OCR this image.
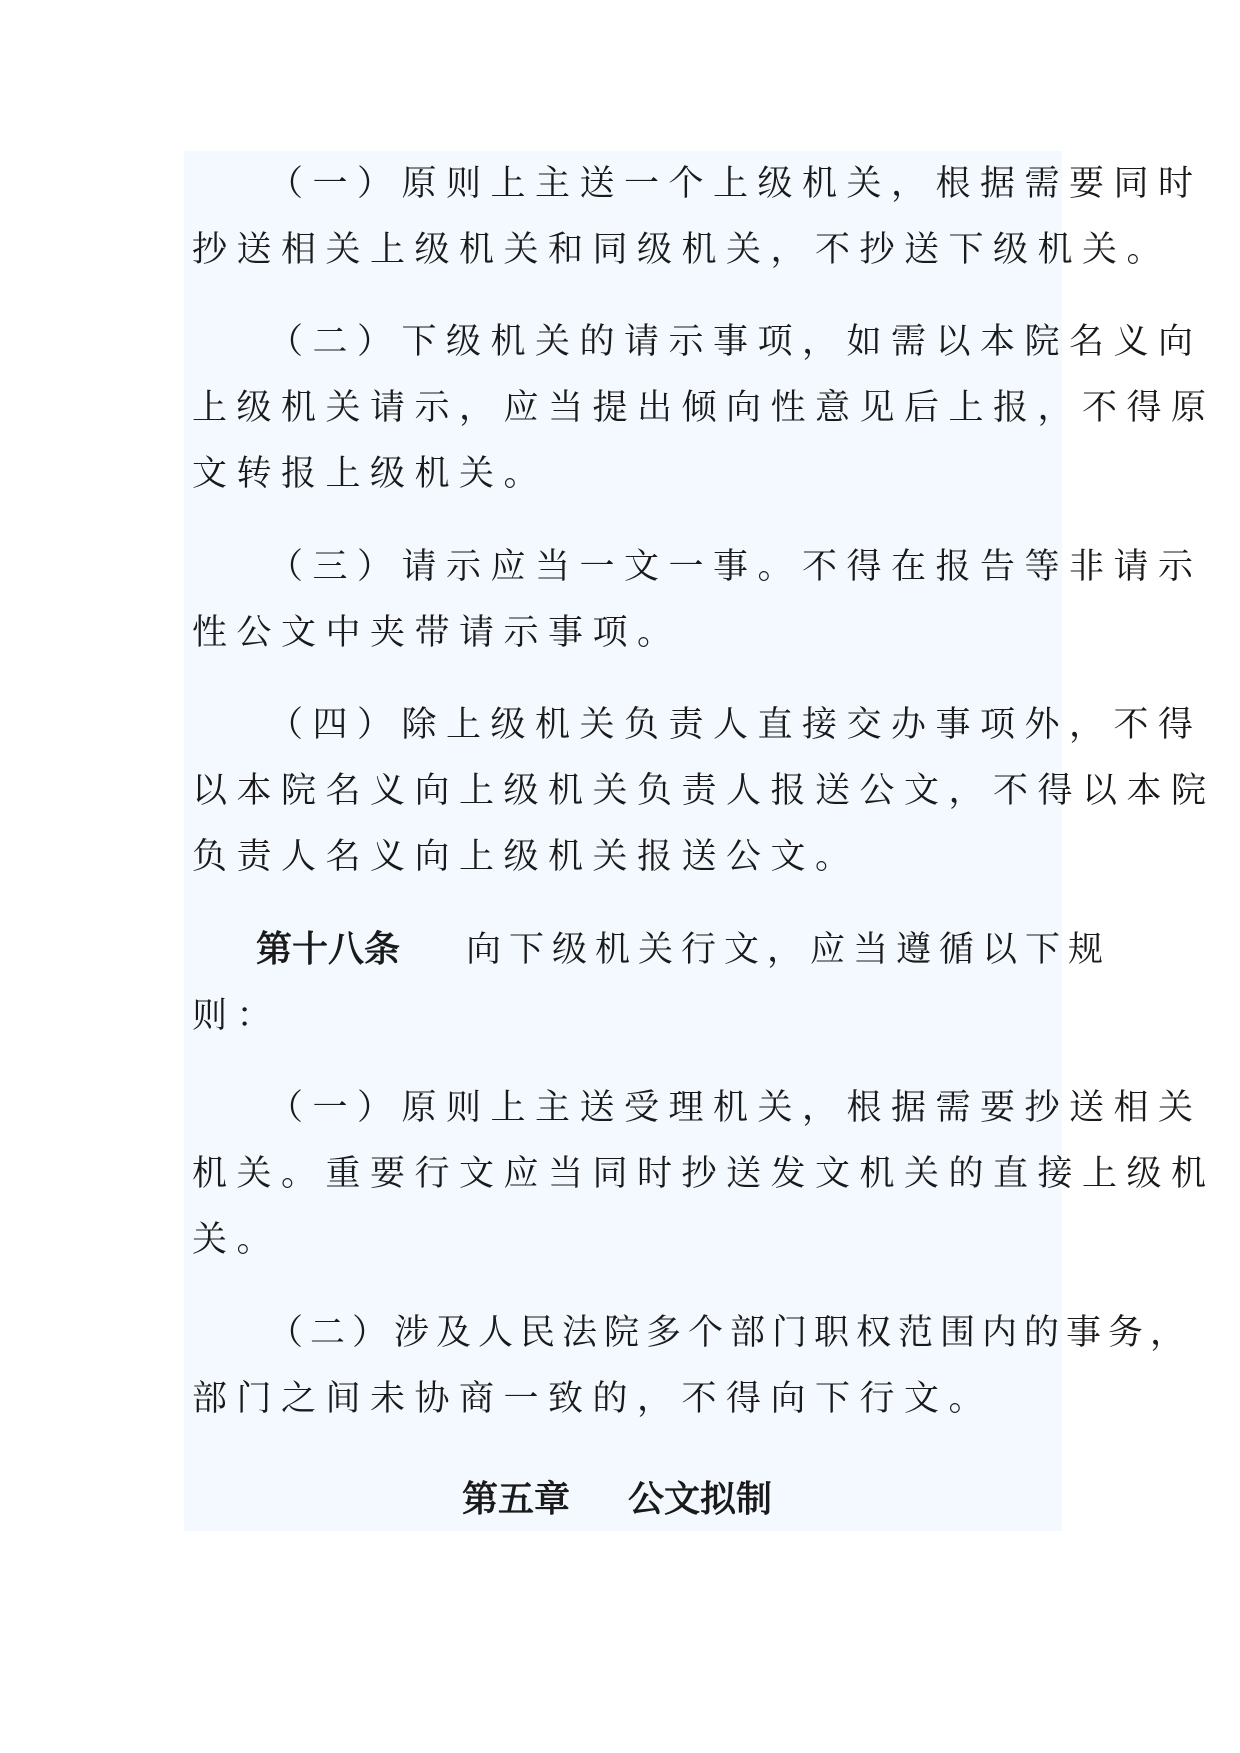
（一）原则上主送一个上级机关，根据需要同时
抄送相关上级机关和同级机关，不抄送下级机关。
（二）下级机关的请示事项，如需以本院名义向
上级机关请示，应当提出倾向性意见后上报，不得原
文转报上级机关。
（三）请示应当一文一事。不得在报告等非请示
性公文中夹带请示事项。
（四）除上级机关负责人直接交办事项外，不得
以本院名义向上级机关负责人报送公文，不得以本院
负责人名义向上级机关报送公文。
第十八条 向下级机关行文，应当遵循以下规
则：
（一）原则上主送受理机关，根据需要抄送相关
机关。重要行文应当同时抄送发文机关的直接上级机
关。
（二）涉及人民法院多个部门职权范围内的事务，
部门之间未协商一致的，不得向下行文。
第五章 公文拟制
